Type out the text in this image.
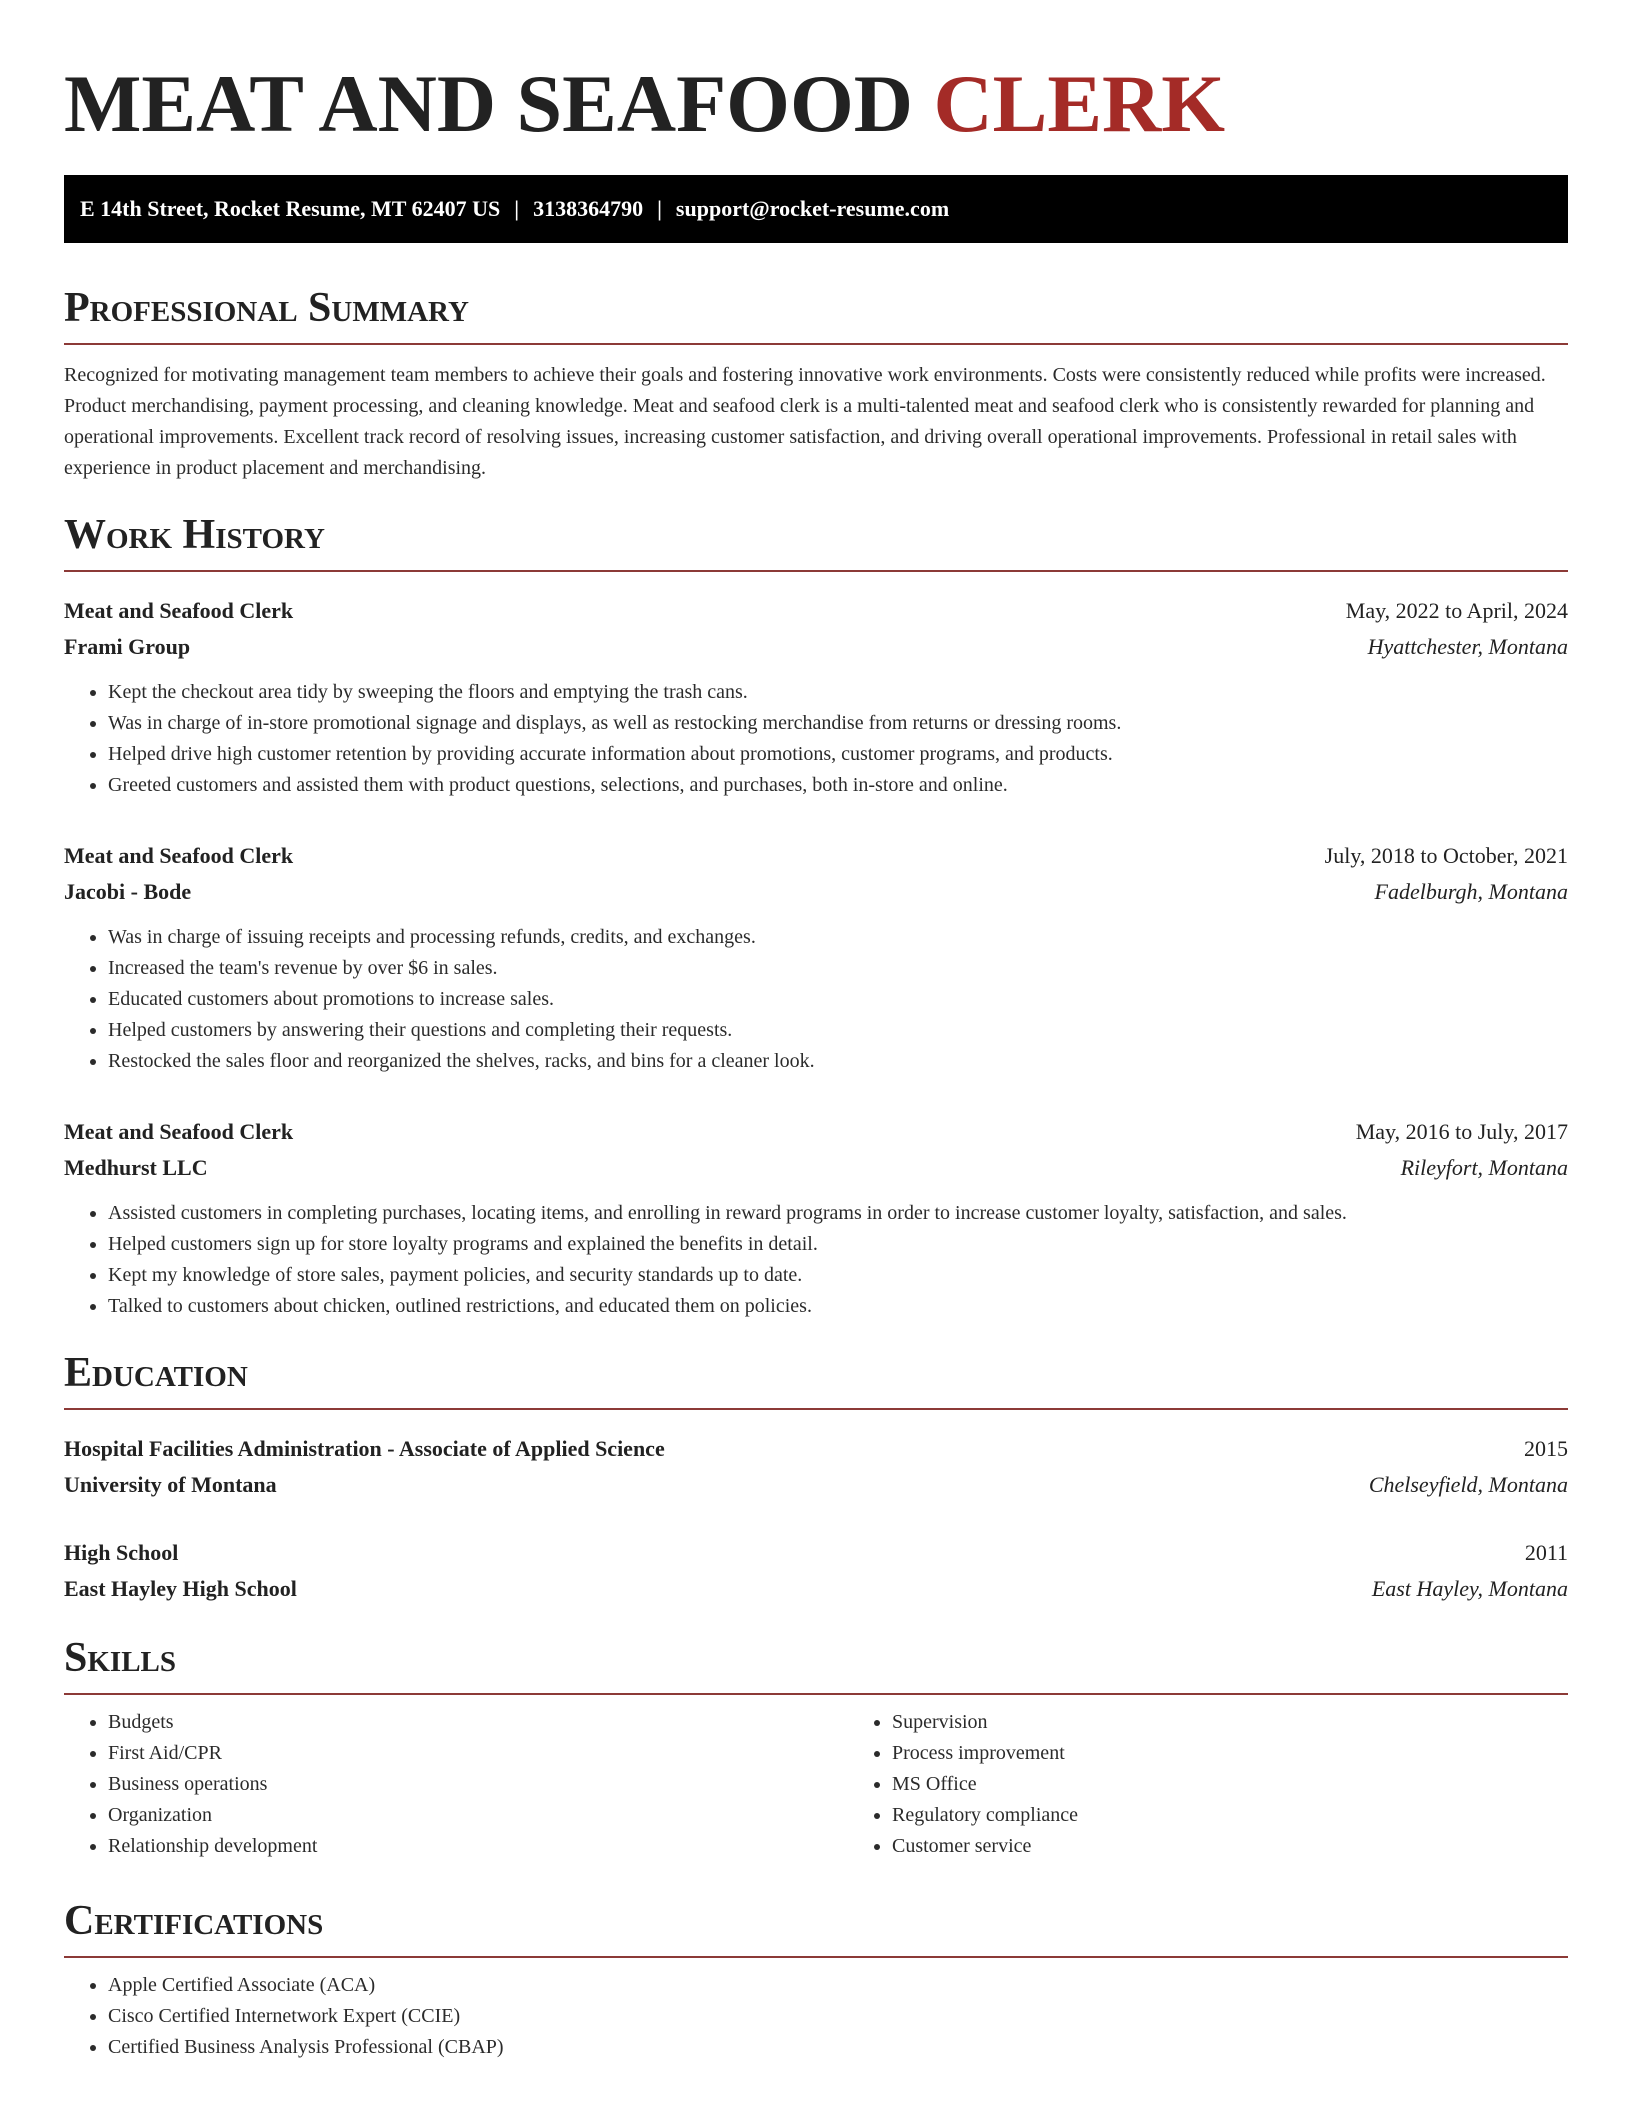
MEAT AND SEAFOOD CLERK
E 14th Street, Rocket Resume, MT 62407 US | 3138364790 | support@rocket-resume.com
Professional Summary

Recognized for motivating management team members to achieve their goals and fostering innovative work environments. Costs were consistently reduced while profits were increased. Product merchandising, payment processing, and cleaning knowledge. Meat and seafood clerk is a multi-talented meat and seafood clerk who is consistently rewarded for planning and operational improvements. Excellent track record of resolving issues, increasing customer satisfaction, and driving overall operational improvements. Professional in retail sales with experience in product placement and merchandising.

Work History
Meat and Seafood Clerk	May, 2022 to April, 2024
Frami Group	Hyattchester, Montana
• Kept the checkout area tidy by sweeping the floors and emptying the trash cans.
• Was in charge of in-store promotional signage and displays, as well as restocking merchandise from returns or dressing rooms.
• Helped drive high customer retention by providing accurate information about promotions, customer programs, and products.
• Greeted customers and assisted them with product questions, selections, and purchases, both in-store and online.
Meat and Seafood Clerk	July, 2018 to October, 2021
Jacobi - Bode	Fadelburgh, Montana
• Was in charge of issuing receipts and processing refunds, credits, and exchanges.
• Increased the team's revenue by over $6 in sales.
• Educated customers about promotions to increase sales.
• Helped customers by answering their questions and completing their requests.
• Restocked the sales floor and reorganized the shelves, racks, and bins for a cleaner look.
Meat and Seafood Clerk	May, 2016 to July, 2017
Medhurst LLC	Rileyfort, Montana
• Assisted customers in completing purchases, locating items, and enrolling in reward programs in order to increase customer loyalty, satisfaction, and sales.
• Helped customers sign up for store loyalty programs and explained the benefits in detail.
• Kept my knowledge of store sales, payment policies, and security standards up to date.
• Talked to customers about chicken, outlined restrictions, and educated them on policies.
Education
Hospital Facilities Administration - Associate of Applied Science	2015
University of Montana	Chelseyfield, Montana
High School	2011
East Hayley High School	East Hayley, Montana
Skills
• Budgets
• First Aid/CPR
• Business operations
• Organization
• Relationship development
• Supervision
• Process improvement
• MS Office
• Regulatory compliance
• Customer service
Certifications
• Apple Certified Associate (ACA)
• Cisco Certified Internetwork Expert (CCIE)
• Certified Business Analysis Professional (CBAP)
